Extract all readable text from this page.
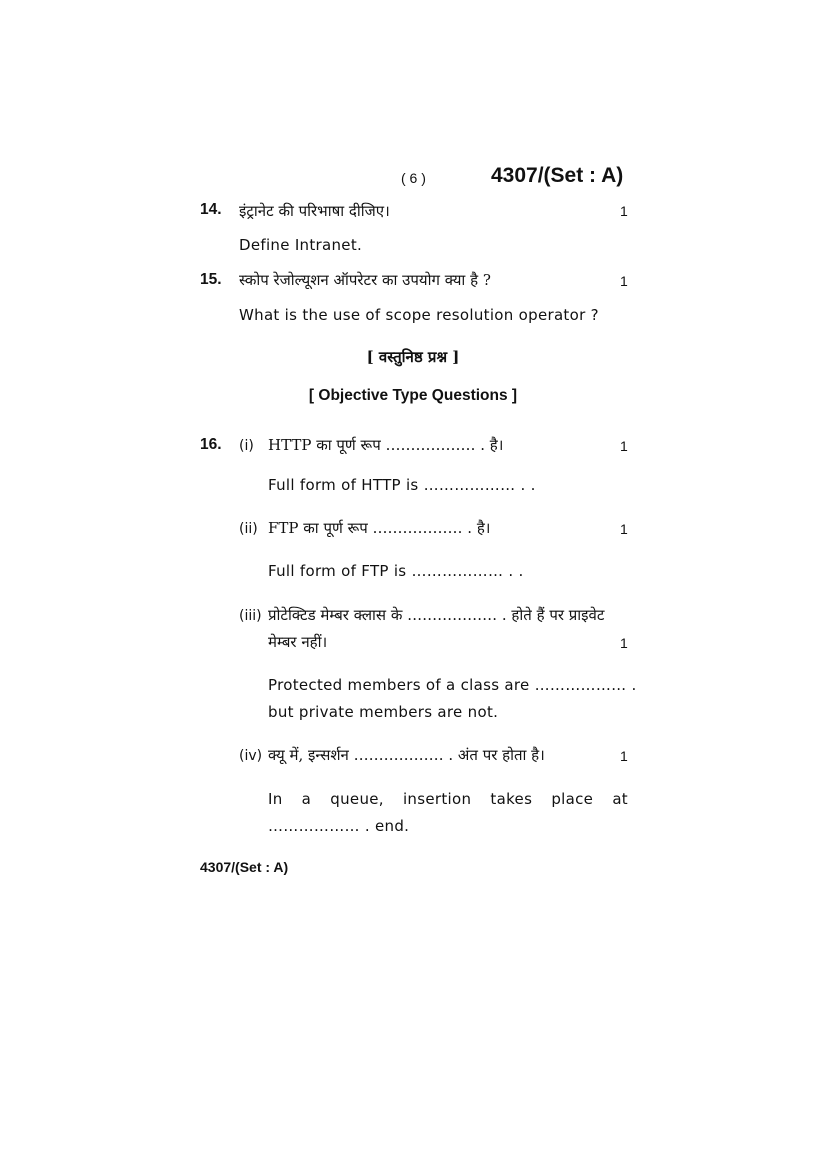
( 6 )	4307/(Set : A)
14. इंट्रानेट की परिभाषा दीजिए।	1
Define Intranet.
15. स्कोप रेजोल्यूशन ऑपरेटर का उपयोग क्या है ?	1
What is the use of scope resolution operator ?
[ वस्तुनिष्ठ प्रश्न ]
[ Objective Type Questions ]
16. (i) HTTP का पूर्ण रूप ……………… . है।	1
Full form of HTTP is ……………… . .
(ii) FTP का पूर्ण रूप ……………… . है।	1
Full form of FTP is ……………… . .
(iii) प्रोटेक्टिड मेम्बर क्लास के ……………… . होते हैं पर प्राइवेट
मेम्बर नहीं।	1
Protected members of a class are ……………… .
but private members are not.
(iv) क्यू में, इन्सर्शन ……………… . अंत पर होता है।	1
In a queue, insertion takes place at
……………… . end.
4307/(Set : A)
